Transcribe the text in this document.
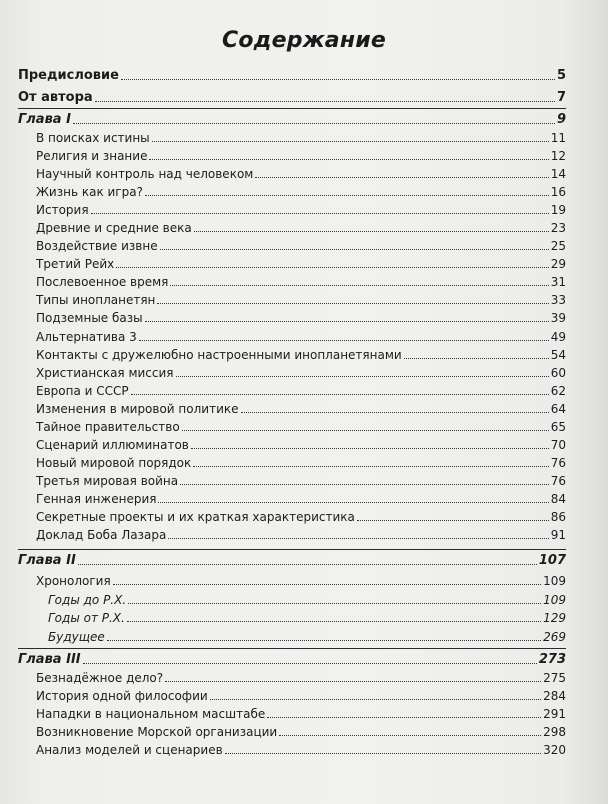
Содержание
Предисловие	5
От автора	7
Глава I	9
В поисках истины	11
Религия и знание	12
Научный контроль над человеком	14
Жизнь как игра?	16
История	19
Древние и средние века	23
Воздействие извне	25
Третий Рейх	29
Послевоенное время	31
Типы инопланетян	33
Подземные базы	39
Альтернатива 3	49
Контакты с дружелюбно настроенными инопланетянами	54
Христианская миссия	60
Европа и СССР	62
Изменения в мировой политике	64
Тайное правительство	65
Сценарий иллюминатов	70
Новый мировой порядок	76
Третья мировая война	76
Генная инженерия	84
Секретные проекты и их краткая характеристика	86
Доклад Боба Лазара	91
Глава II	107
Хронология	109
Годы до Р.Х.	109
Годы от Р.Х.	129
Будущее	269
Глава III	273
Безнадёжное дело?	275
История одной философии	284
Нападки в национальном масштабе	291
Возникновение Морской организации	298
Анализ моделей и сценариев	320
